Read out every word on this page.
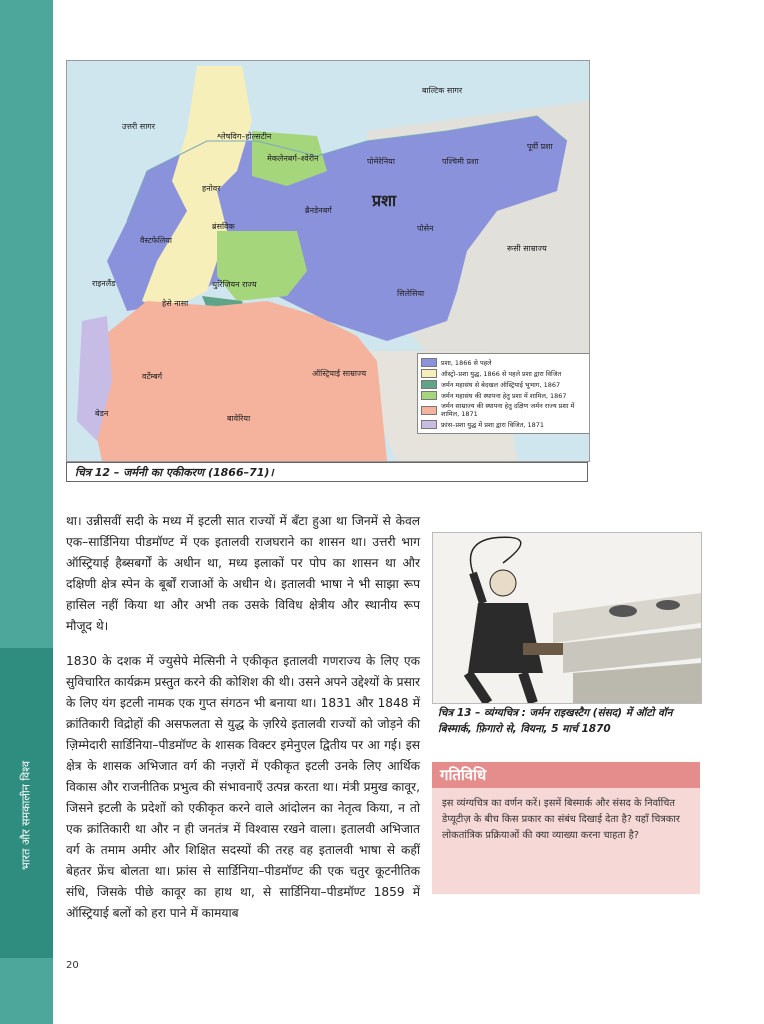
भारत और समकालीन विश्व
उत्तरी सागर
बाल्टिक सागर
श्लेषविग–होल्सटीन
मेकलेनबर्ग–श्वेरीन	पोमेरेनिया	पश्चिमी प्रशा
पूर्वी प्रशा
हनोवर
ब्रैनडेनबर्ग
प्रशा
वैस्टफेलिया
ब्रंसविक	पोसेन
रूसी साम्राज्य
राइनलैंड
हेसे नासा
थुरिंजियन राज्य
सिलेसिया
ऑस्ट्रियाई साम्राज्य
वर्टेम्बर्ग
बेडन
बावेरिया
प्रशा, 1866 से पहले
ऑस्ट्रो–प्रशा युद्ध, 1866 से पहले प्रशा द्वारा विजित
जर्मन महासंघ से बेदखल ऑस्ट्रियाई भूभाग, 1867
जर्मन महासंघ की स्थापना हेतु प्रशा में शामिल, 1867
जर्मन साम्राज्य की स्थापना हेतु दक्षिण जर्मन राज्य प्रशा में शामिल, 1871
फ्रांस–प्रशा युद्ध में प्रशा द्वारा विजित, 1871
चित्र 12 – जर्मनी का एकीकरण (1866–71)।
था। उन्नीसवीं सदी के मध्य में इटली सात राज्यों में बँटा हुआ था जिनमें से केवल एक–सार्डिनिया पीडमॉण्ट में एक इतालवी राजघराने का शासन था। उत्तरी भाग ऑस्ट्रियाई हैब्सबर्गों के अधीन था, मध्य इलाकों पर पोप का शासन था और दक्षिणी क्षेत्र स्पेन के बूर्बों राजाओं के अधीन थे। इतालवी भाषा ने भी साझा रूप हासिल नहीं किया था और अभी तक उसके विविध क्षेत्रीय और स्थानीय रूप मौजूद थे।
1830 के दशक में ज्युसेपे मेत्सिनी ने एकीकृत इतालवी गणराज्य के लिए एक सुविचारित कार्यक्रम प्रस्तुत करने की कोशिश की थी। उसने अपने उद्देश्यों के प्रसार के लिए यंग इटली नामक एक गुप्त संगठन भी बनाया था। 1831 और 1848 में क्रांतिकारी विद्रोहों की असफलता से युद्ध के ज़रिये इतालवी राज्यों को जोड़ने की ज़िम्मेदारी सार्डिनिया–पीडमॉण्ट के शासक विक्टर इमेनुएल द्वितीय पर आ गई। इस क्षेत्र के शासक अभिजात वर्ग की नज़रों में एकीकृत इटली उनके लिए आर्थिक विकास और राजनीतिक प्रभुत्व की संभावनाएँ उत्पन्न करता था। मंत्री प्रमुख कावूर, जिसने इटली के प्रदेशों को एकीकृत करने वाले आंदोलन का नेतृत्व किया, न तो एक क्रांतिकारी था और न ही जनतंत्र में विश्वास रखने वाला। इतालवी अभिजात वर्ग के तमाम अमीर और शिक्षित सदस्यों की तरह वह इतालवी भाषा से कहीं बेहतर फ्रेंच बोलता था। फ्रांस से सार्डिनिया–पीडमॉण्ट की एक चतुर कूटनीतिक संधि, जिसके पीछे कावूर का हाथ था, से सार्डिनिया–पीडमॉण्ट 1859 में ऑस्ट्रियाई बलों को हरा पाने में कामयाब
चित्र 13 – व्यंग्यचित्र : जर्मन राइखस्टैग (संसद) में ऑटो वॉन बिस्मार्क, फ़िगारो से, वियना, 5 मार्च 1870
गतिविधि
इस व्यंग्यचित्र का वर्णन करें। इसमें बिस्मार्क और संसद के निर्वाचित डेप्यूटीज़ के बीच किस प्रकार का संबंध दिखाई देता है? यहाँ चित्रकार लोकतांत्रिक प्रक्रियाओं की क्या व्याख्या करना चाहता है?
20
